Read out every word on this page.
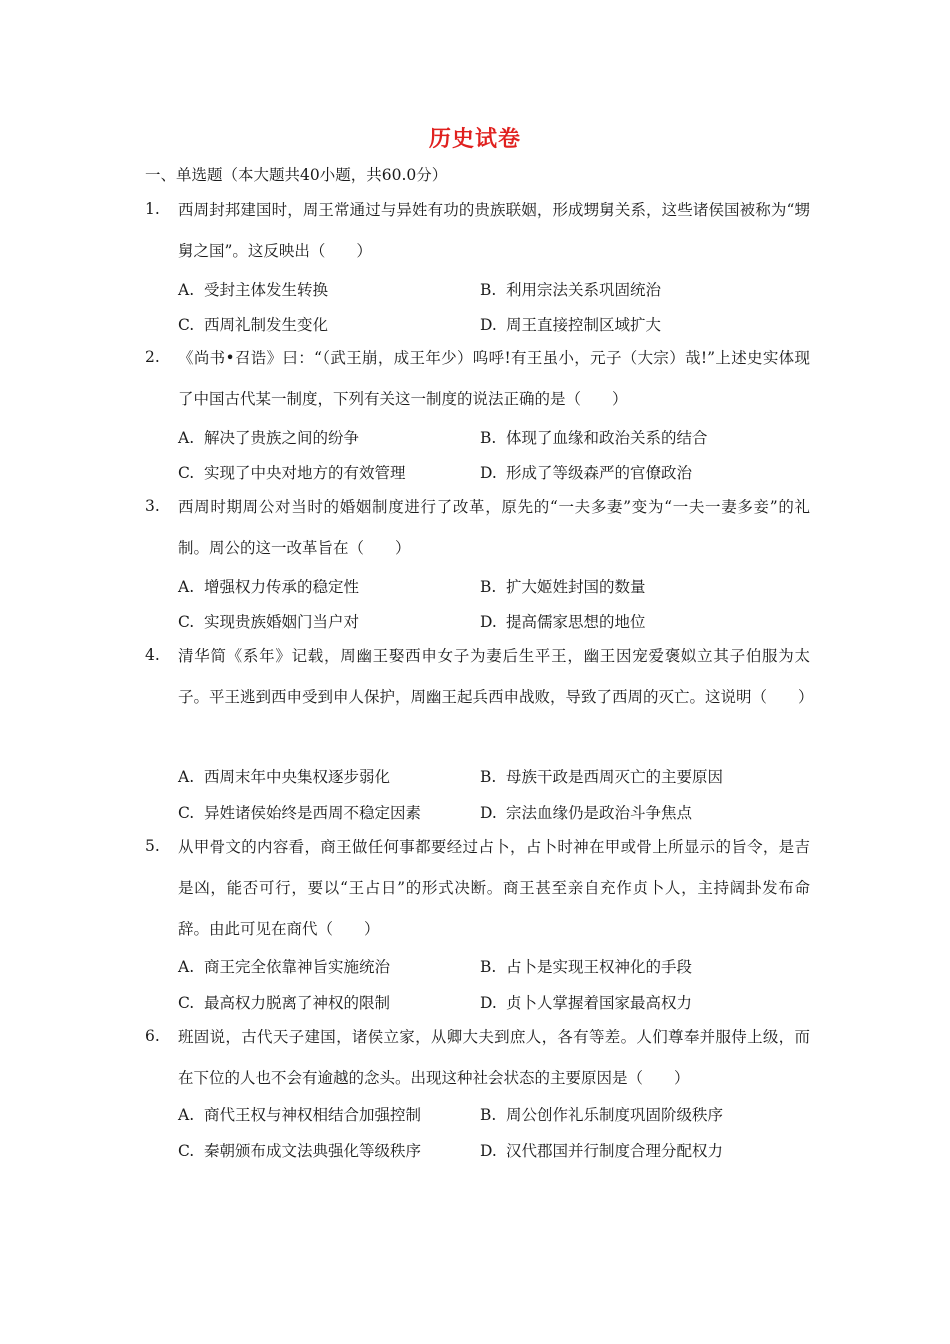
历史试卷
一、单选题（本大题共40小题，共60.0分）
1.	西周封邦建国时，周王常通过与异姓有功的贵族联姻，形成甥舅关系，这些诸侯国被称为“甥舅之国”。这反映出（　　）
A. 受封主体发生转换	B. 利用宗法关系巩固统治
C. 西周礼制发生变化	D. 周王直接控制区域扩大
2.	《尚书•召诰》曰：“（武王崩，成王年少）呜呼!有王虽小，元子（大宗）哉!”上述史实体现了中国古代某一制度，下列有关这一制度的说法正确的是（　　）
A. 解决了贵族之间的纷争	B. 体现了血缘和政治关系的结合
C. 实现了中央对地方的有效管理	D. 形成了等级森严的官僚政治
3.	西周时期周公对当时的婚姻制度进行了改革，原先的“一夫多妻”变为“一夫一妻多妾”的礼制。周公的这一改革旨在（　　）
A. 增强权力传承的稳定性	B. 扩大姬姓封国的数量
C. 实现贵族婚姻门当户对	D. 提高儒家思想的地位
4.	清华简《系年》记载，周幽王娶西申女子为妻后生平王，幽王因宠爱褒姒立其子伯服为太子。平王逃到西申受到申人保护，周幽王起兵西申战败，导致了西周的灭亡。这说明（　　）
A. 西周末年中央集权逐步弱化	B. 母族干政是西周灭亡的主要原因
C. 异姓诸侯始终是西周不稳定因素	D. 宗法血缘仍是政治斗争焦点
5.	从甲骨文的内容看，商王做任何事都要经过占卜，占卜时神在甲或骨上所显示的旨令，是吉是凶，能否可行，要以“王占日”的形式决断。商王甚至亲自充作贞卜人，主持阔卦发布命辞。由此可见在商代（　　）
A. 商王完全依靠神旨实施统治	B. 占卜是实现王权神化的手段
C. 最高权力脱离了神权的限制	D. 贞卜人掌握着国家最高权力
6.	班固说，古代天子建国，诸侯立家，从卿大夫到庶人，各有等差。人们尊奉并服侍上级，而在下位的人也不会有逾越的念头。出现这种社会状态的主要原因是（　　）
A. 商代王权与神权相结合加强控制	B. 周公创作礼乐制度巩固阶级秩序
C. 秦朝颁布成文法典强化等级秩序	D. 汉代郡国并行制度合理分配权力
